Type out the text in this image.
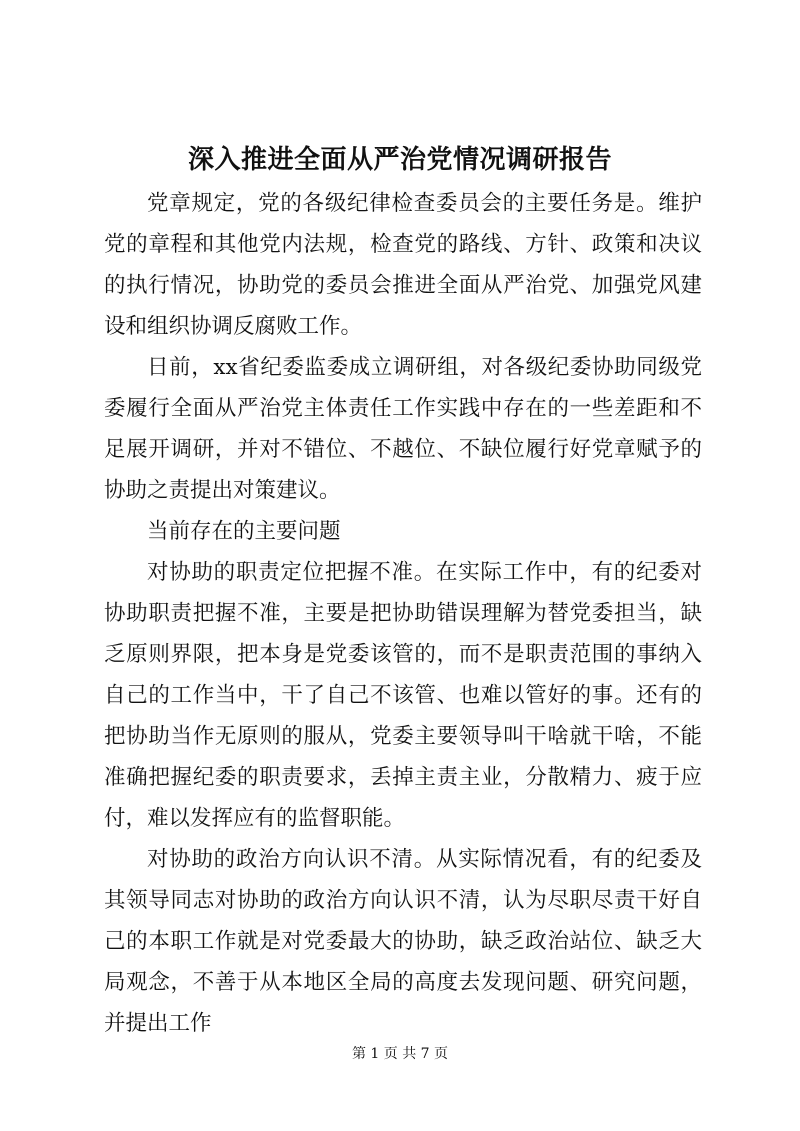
深入推进全面从严治党情况调研报告

党章规定，党的各级纪律检查委员会的主要任务是。维护党的章程和其他党内法规，检查党的路线、方针、政策和决议的执行情况，协助党的委员会推进全面从严治党、加强党风建设和组织协调反腐败工作。

日前，xx省纪委监委成立调研组，对各级纪委协助同级党委履行全面从严治党主体责任工作实践中存在的一些差距和不足展开调研，并对不错位、不越位、不缺位履行好党章赋予的协助之责提出对策建议。

当前存在的主要问题

对协助的职责定位把握不准。在实际工作中，有的纪委对协助职责把握不准，主要是把协助错误理解为替党委担当，缺乏原则界限，把本身是党委该管的，而不是职责范围的事纳入自己的工作当中，干了自己不该管、也难以管好的事。还有的把协助当作无原则的服从，党委主要领导叫干啥就干啥，不能准确把握纪委的职责要求，丢掉主责主业，分散精力、疲于应付，难以发挥应有的监督职能。

对协助的政治方向认识不清。从实际情况看，有的纪委及其领导同志对协助的政治方向认识不清，认为尽职尽责干好自己的本职工作就是对党委最大的协助，缺乏政治站位、缺乏大局观念，不善于从本地区全局的高度去发现问题、研究问题，并提出工作

第 1 页 共 7 页
